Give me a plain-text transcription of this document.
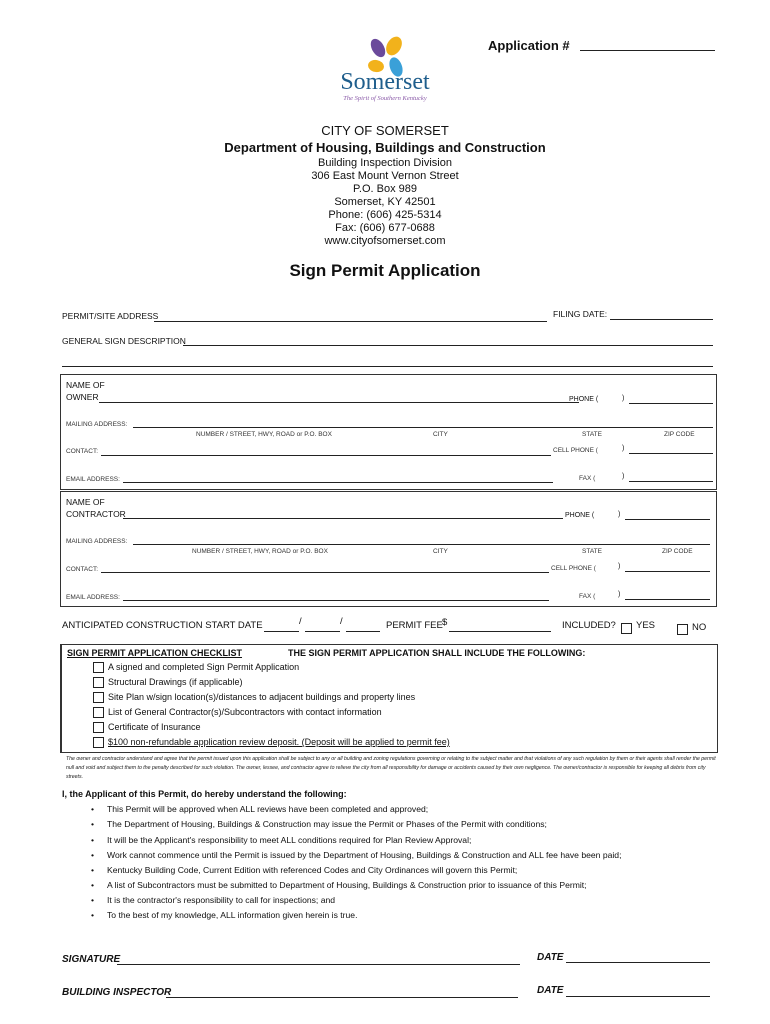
Application #
Somerset
The Spirit of Southern Kentucky
CITY OF SOMERSET
Department of Housing, Buildings and Construction
Building Inspection Division
306 East Mount Vernon Street
P.O. Box 989
Somerset, KY 42501
Phone: (606) 425-5314
Fax: (606) 677-0688
www.cityofsomerset.com
Sign Permit Application
PERMIT/SITE ADDRESS	FILING DATE:
GENERAL SIGN DESCRIPTION
NAME OF
OWNER	PHONE (	)
MAILING ADDRESS:
NUMBER / STREET, HWY, ROAD or P.O. BOX	CITY	STATE	ZIP CODE
CONTACT:	CELL PHONE (	)
EMAIL ADDRESS:	FAX (	)
NAME OF
CONTRACTOR	PHONE (	)
MAILING ADDRESS:
NUMBER / STREET, HWY, ROAD or P.O. BOX	CITY	STATE	ZIP CODE
CONTACT:	CELL PHONE (	)
EMAIL ADDRESS:	FAX (	)
ANTICIPATED CONSTRUCTION START DATE	/	/	PERMIT FEE $	INCLUDED? YES	NO
SIGN PERMIT APPLICATION CHECKLIST	THE SIGN PERMIT APPLICATION SHALL INCLUDE THE FOLLOWING:
A signed and completed Sign Permit Application
Structural Drawings (if applicable)
Site Plan w/sign location(s)/distances to adjacent buildings and property lines
List of General Contractor(s)/Subcontractors with contact information
Certificate of Insurance
$100 non-refundable application review deposit. (Deposit will be applied to permit fee)
The owner and contractor understand and agree that the permit issued upon this application shall be subject to any or all building and zoning regulations governing or relating to the subject matter and that violations of any such regulation by them or their agents shall render the permit null and void and subject them to the penalty described for such violation. The owner, lessee, and contractor agree to relieve the city from all responsibility for damage or accidents caused by their own negligence. The owner/contractor is responsible for keeping all debris from city streets.
I, the Applicant of this Permit, do hereby understand the following:
• This Permit will be approved when ALL reviews have been completed and approved;
• The Department of Housing, Buildings & Construction may issue the Permit or Phases of the Permit with conditions;
• It will be the Applicant's responsibility to meet ALL conditions required for Plan Review Approval;
• Work cannot commence until the Permit is issued by the Department of Housing, Buildings & Construction and ALL fee have been paid;
• Kentucky Building Code, Current Edition with referenced Codes and City Ordinances will govern this Permit;
• A list of Subcontractors must be submitted to Department of Housing, Buildings & Construction prior to issuance of this Permit;
• It is the contractor's responsibility to call for inspections; and
• To the best of my knowledge, ALL information given herein is true.
SIGNATURE	DATE
BUILDING INSPECTOR	DATE
